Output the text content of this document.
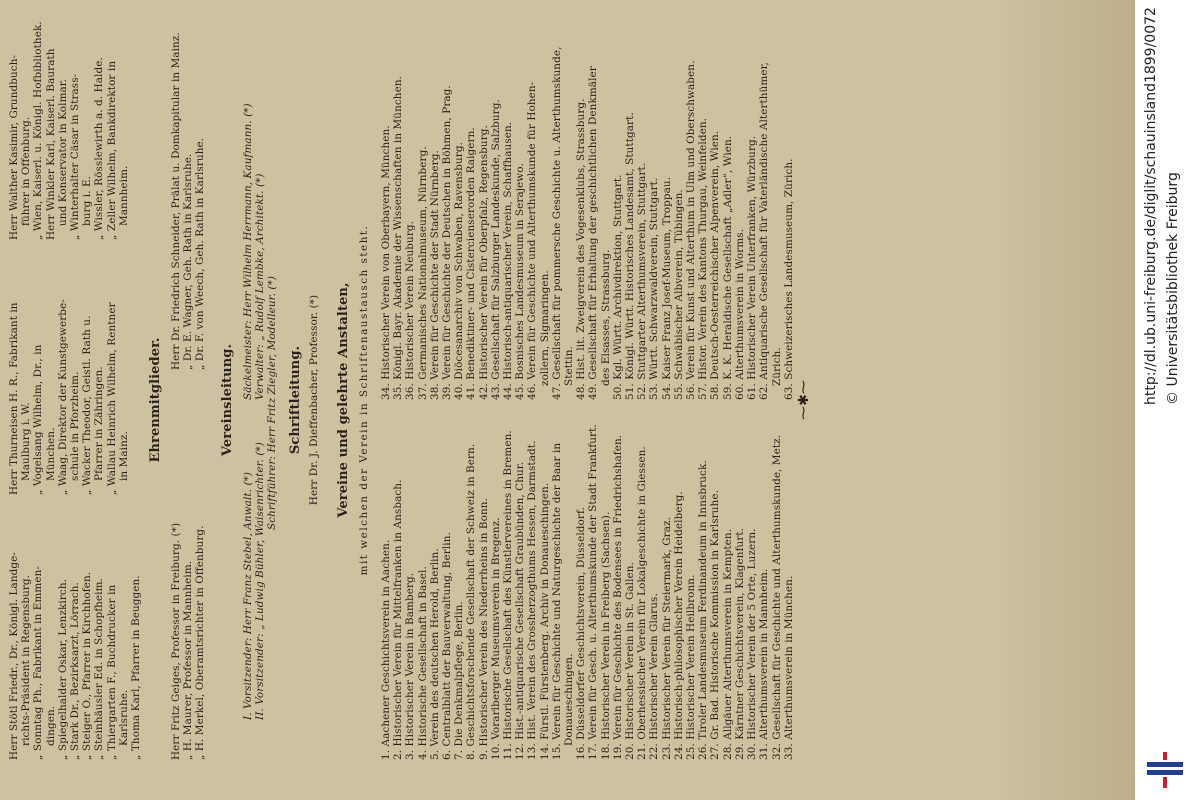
Herr Stötl Friedr., Dr., Königl. Landge- richts-Präsident in Regensburg. „ Sonntag Ph., Fabrikant in Emmen- dingen. „ Spiegelhalder Oskar, Lenzkirch. „ Stark Dr., Bezirksarzt, Lörrach. „ Steiger O., Pfarrer in Kirchhofen. „ Steinhäusler Ed. in Schopfheim. „ Thiergarten F., Buchdrucker in Karlsruhe. „ Thoma Karl, Pfarrer in Beuggen.

Herr Thurneisen H. R., Fabrikant in Maulburg i. W. „ Vogelsang Wilhelm, Dr., in München. „ Waag, Direktor der Kunstgewerbe- schule in Pforzheim. „ Wacker Theodor, Geistl. Rath u. Pfarrer in Zähringen. „ Wallau Heinrich Wilhelm, Rentner in Mainz.

Herr Walther Kasimir, Grundbuch- führer in Offenburg. „ Wien, Kaiserl. u. Königl. Hofbibliothek. Herr Winkler Karl, Kaiserl. Baurath und Konservator in Kolmar. „ Winterhalter Cäsar in Strass- burg i. E. „ Wissler, Rösslewirth a. d. Halde. „ Zeller Wilhelm, Bankdirektor in Mannheim.

Ehrenmitglieder.

Herr Fritz Geiges, Professor in Freiburg. (*) „ H. Maurer, Professor in Mannheim. „ H. Merkel, Oberamtsrichter in Offenburg.

Herr Dr. Friedrich Schneider, Prälat u. Domkapitular in Mainz. „ Dr. E. Wagner, Geh. Rath in Karlsruhe. „ Dr. F. von Weech, Geh. Rath in Karlsruhe.

Vereinsleitung.

I. Vorsitzender: Herr Franz Stebel, Anwalt. (*) II. Vorsitzender: „ Ludwig Bühler, Waisenrichter. (*)

Schriftführer: Herr Fritz Ziegler, Modelleur. (*)

Säckelmeister: Herr Wilhelm Herrmann, Kaufmann. (*) Verwalter: „ Rudolf Lembke, Architekt. (*) Schriftleitung. Herr Dr. J. Dieffenbacher, Professor. (*) Vereine und gelehrte Anstalten, mit welchen der Verein in Schriftenaustausch steht.

1. Aachener Geschichtsverein in Aachen. 2. Historischer Verein für Mittelfranken in Ansbach. 3. Historischer Verein in Bamberg. 4. Historische Gesellschaft in Basel. 5. Verein des deutschen Herold, Berlin. 6. Centralblatt der Bauverwaltung, Berlin. 7. Die Denkmalpflege, Berlin. 8. Geschichtsforschende Gesellschaft der Schweiz in Bern. 9. Historischer Verein des Niederrheins in Bonn. 10. Vorarlberger Museumsverein in Bregenz. 11. Historische Gesellschaft des Künstlervereines in Bremen. 12. Hist.-antiquarische Gesellschaft Graubünden, Chur. 13. Hist. Verein des Grossherzogthums Hessen, Darmstadt. 14. Fürstl. Fürstenberg. Archiv in Donaueschingen. 15. Verein für Geschichte und Naturgeschichte der Baar in Donaueschingen. 16. Düsseldorfer Geschichtsverein, Düsseldorf. 17. Verein für Gesch. u. Alterthumskunde der Stadt Frankfurt. 18. Historischer Verein in Freiberg (Sachsen). 19. Verein für Geschichte des Bodensees in Friedrichshafen. 20. Historischer Verein in St. Gallen. 21. Oberhessischer Verein für Lokalgeschichte in Giessen. 22. Historischer Verein Glarus. 23. Historischer Verein für Steiermark, Graz. 24. Historisch-philosophischer Verein Heidelberg. 25. Historischer Verein Heilbronn. 26. Tiroler Landesmuseum Ferdinandeum in Innsbruck. 27. Gr. Bad. Historische Kommission in Karlsruhe. 28. Allgäuer Alterthumsverein in Kempten. 29. Kärntner Geschichtsverein, Klagenfurt. 30. Historischer Verein der 5 Orte, Luzern. 31. Alterthumsverein in Mannheim. 32. Gesellschaft für Geschichte und Alterthumskunde, Metz. 33. Alterthumsverein in München.

34. Historischer Verein von Oberbayern, München. 35. Königl. Bayr. Akademie der Wissenschaften in München. 36. Historischer Verein Neuburg. 37. Germanisches Nationalmuseum, Nürnberg. 38. Verein für Geschichte der Stadt Nürnberg. 39. Verein für Geschichte der Deutschen in Böhmen, Prag. 40. Diöcesanarchiv von Schwaben, Ravensburg. 41. Benediktiner- und Cistercienserorden Raigern. 42. Historischer Verein für Oberpfalz, Regensburg. 43. Gesellschaft für Salzburger Landeskunde, Salzburg. 44. Historisch-antiquarischer Verein, Schaffhausen. 45. Bosnisches Landesmuseum in Serajewo. 46. Verein für Geschichte und Alterthumskunde für Hohen- zollern, Sigmaringen. 47. Gesellschaft für pommersche Geschichte u. Alterthumskunde, Stettin. 48. Hist. lit. Zweigverein des Vogesenklubs, Strassburg. 49. Gesellschaft für Erhaltung der geschichtlichen Denkmäler des Elsasses, Strassburg. 50. Kgl. Württ. Archivdirektion, Stuttgart. 51. Königl. Württ. Historisches Landesamt, Stuttgart. 52. Stuttgarter Alterthumsverein, Stuttgart. 53. Württ. Schwarzwaldverein, Stuttgart. 54. Kaiser Franz Josef-Museum, Troppau. 55. Schwäbischer Albverein, Tübingen. 56. Verein für Kunst und Alterthum in Ulm und Oberschwaben. 57. Histor. Verein des Kantons Thurgau, Weinfelden. 58. Deutsch-Oesterreichischer Alpenverein, Wien. 59. K. K. Heraldische Gesellschaft „Adler“, Wien. 60. Alterthumsverein in Worms. 61. Historischer Verein Unterfranken, Würzburg. 62. Antiquarische Gesellschaft für Vaterländische Alterthümer, Zürich. 63. Schweizerisches Landesmuseum, Zürich. ⁓✱⁓	http://dl.ub.uni-freiburg.de/diglit/schauinsland1899/0072 © Universitätsbibliothek Freiburg
